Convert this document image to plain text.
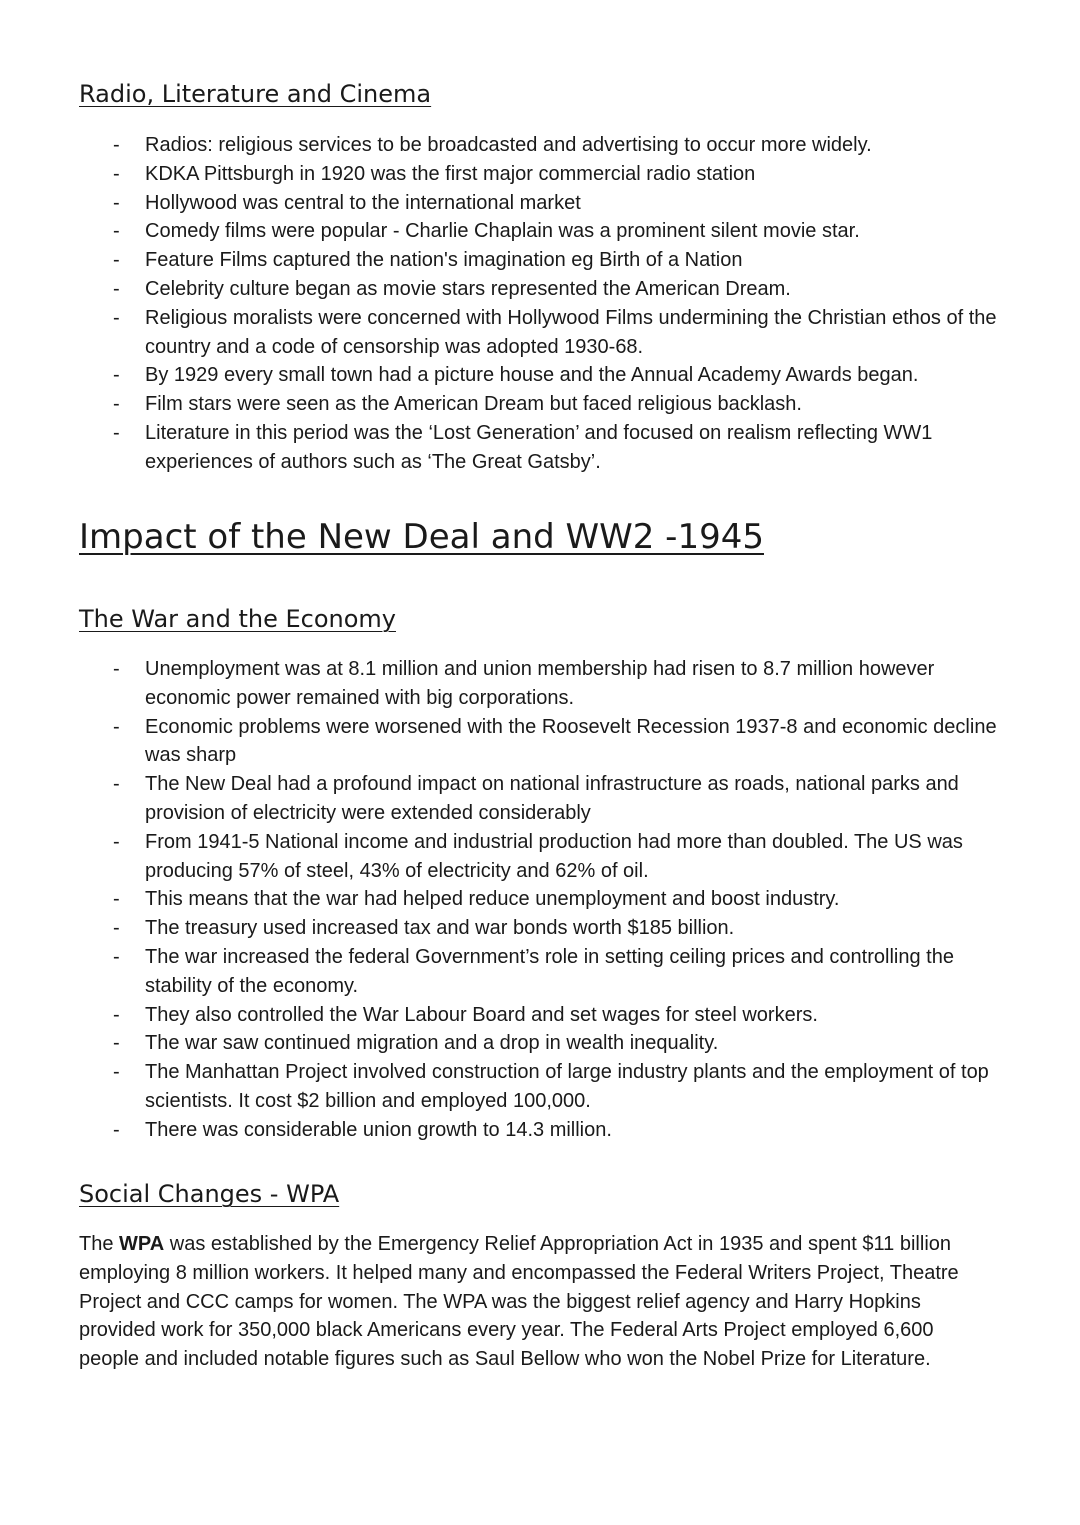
Radio, Literature and Cinema
- Radios: religious services to be broadcasted and advertising to occur more widely.
- KDKA Pittsburgh in 1920 was the first major commercial radio station
- Hollywood was central to the international market
- Comedy films were popular - Charlie Chaplain was a prominent silent movie star.
- Feature Films captured the nation's imagination eg Birth of a Nation
- Celebrity culture began as movie stars represented the American Dream.
- Religious moralists were concerned with Hollywood Films undermining the Christian ethos of the country and a code of censorship was adopted 1930-68.
- By 1929 every small town had a picture house and the Annual Academy Awards began.
- Film stars were seen as the American Dream but faced religious backlash.
- Literature in this period was the ‘Lost Generation’ and focused on realism reflecting WW1 experiences of authors such as ‘The Great Gatsby’.
Impact of the New Deal and WW2 -1945
The War and the Economy
- Unemployment was at 8.1 million and union membership had risen to 8.7 million however economic power remained with big corporations.
- Economic problems were worsened with the Roosevelt Recession 1937-8 and economic decline was sharp
- The New Deal had a profound impact on national infrastructure as roads, national parks and provision of electricity were extended considerably
- From 1941-5 National income and industrial production had more than doubled. The US was producing 57% of steel, 43% of electricity and 62% of oil.
- This means that the war had helped reduce unemployment and boost industry.
- The treasury used increased tax and war bonds worth $185 billion.
- The war increased the federal Government’s role in setting ceiling prices and controlling the stability of the economy.
- They also controlled the War Labour Board and set wages for steel workers.
- The war saw continued migration and a drop in wealth inequality.
- The Manhattan Project involved construction of large industry plants and the employment of top scientists. It cost $2 billion and employed 100,000.
- There was considerable union growth to 14.3 million.
Social Changes - WPA

The WPA was established by the Emergency Relief Appropriation Act in 1935 and spent $11 billion employing 8 million workers. It helped many and encompassed the Federal Writers Project, Theatre Project and CCC camps for women. The WPA was the biggest relief agency and Harry Hopkins provided work for 350,000 black Americans every year. The Federal Arts Project employed 6,600 people and included notable figures such as Saul Bellow who won the Nobel Prize for Literature.
